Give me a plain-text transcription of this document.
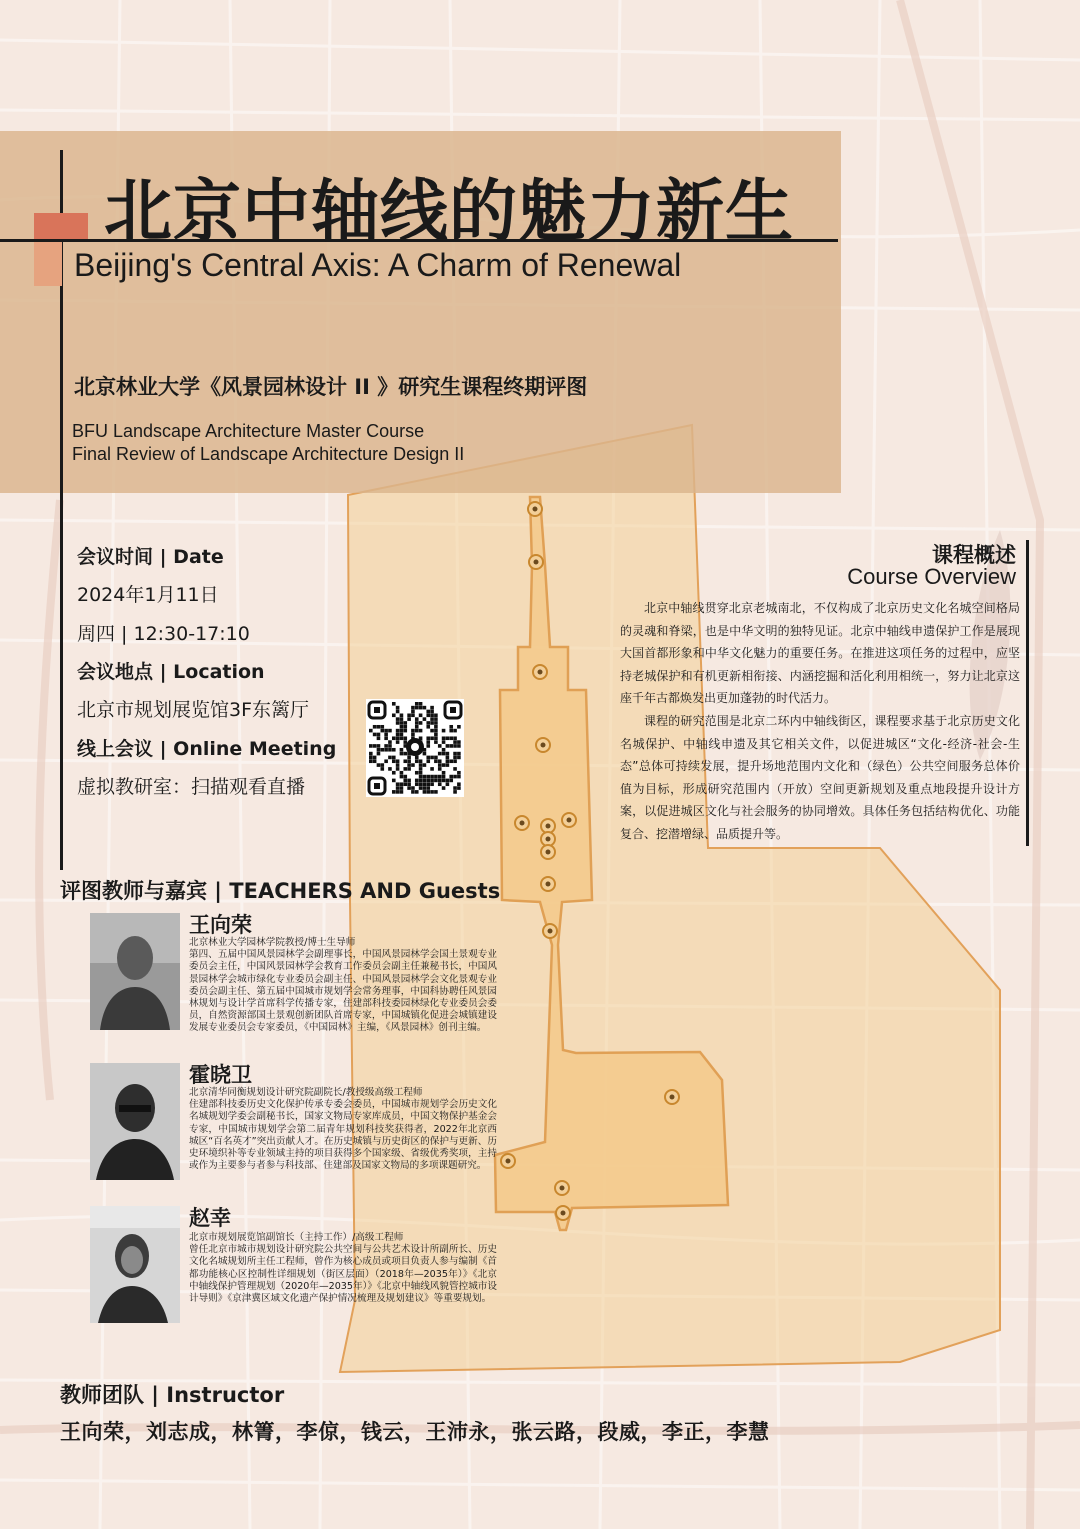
北京中轴线的魅力新生
Beijing's Central Axis: A Charm of Renewal
北京林业大学《风景园林设计 II 》研究生课程终期评图
BFU Landscape Architecture Master Course
Final Review of Landscape Architecture Design II
会议时间 | Date
2024年1月11日
周四 | 12:30-17:10
会议地点 | Location
北京市规划展览馆3F东篱厅
线上会议 | Online Meeting
虚拟教研室：扫描观看直播
课程概述
Course Overview

北京中轴线贯穿北京老城南北，不仅构成了北京历史文化名城空间格局的灵魂和脊梁，也是中华文明的独特见证。北京中轴线申遗保护工作是展现大国首都形象和中华文化魅力的重要任务。在推进这项任务的过程中，应坚持老城保护和有机更新相衔接、内涵挖掘和活化利用相统一，努力让北京这座千年古都焕发出更加蓬勃的时代活力。

课程的研究范围是北京二环内中轴线街区，课程要求基于北京历史文化名城保护、中轴线申遗及其它相关文件，以促进城区“文化-经济-社会-生态”总体可持续发展，提升场地范围内文化和（绿色）公共空间服务总体价值为目标，形成研究范围内（开放）空间更新规划及重点地段提升设计方案，以促进城区文化与社会服务的协同增效。具体任务包括结构优化、功能复合、挖潜增绿、品质提升等。

评图教师与嘉宾 | TEACHERS AND Guests
王向荣
北京林业大学园林学院教授/博士生导师
第四、五届中国风景园林学会副理事长，中国风景园林学会国土景观专业委员会主任，中国风景园林学会教育工作委员会副主任兼秘书长，中国风景园林学会城市绿化专业委员会副主任、中国风景园林学会文化景观专业委员会副主任、第五届中国城市规划学会常务理事，中国科协聘任风景园林规划与设计学首席科学传播专家，住建部科技委园林绿化专业委员会委员，自然资源部国土景观创新团队首席专家，中国城镇化促进会城镇建设发展专业委员会专家委员，《中国园林》主编，《风景园林》创刊主编。
霍晓卫
北京清华同衡规划设计研究院副院长/教授级高级工程师
住建部科技委历史文化保护传承专委会委员，中国城市规划学会历史文化名城规划学委会副秘书长，国家文物局专家库成员，中国文物保护基金会专家，中国城市规划学会第二届青年规划科技奖获得者，2022年北京西城区“百名英才”突出贡献人才。在历史城镇与历史街区的保护与更新、历史环境织补等专业领域主持的项目获得多个国家级、省级优秀奖项，主持或作为主要参与者参与科技部、住建部及国家文物局的多项课题研究。
赵幸
北京市规划展览馆副馆长（主持工作）/高级工程师
曾任北京市城市规划设计研究院公共空间与公共艺术设计所副所长、历史文化名城规划所主任工程师，曾作为核心成员或项目负责人参与编制《首都功能核心区控制性详细规划（街区层面）（2018年—2035年）》《北京中轴线保护管理规划（2020年—2035年）》《北京中轴线风貌管控城市设计导则》《京津冀区域文化遗产保护情况梳理及规划建议》等重要规划。
教师团队 | Instructor
王向荣，刘志成，林箐，李倞，钱云，王沛永，张云路，段威，李正，李慧
